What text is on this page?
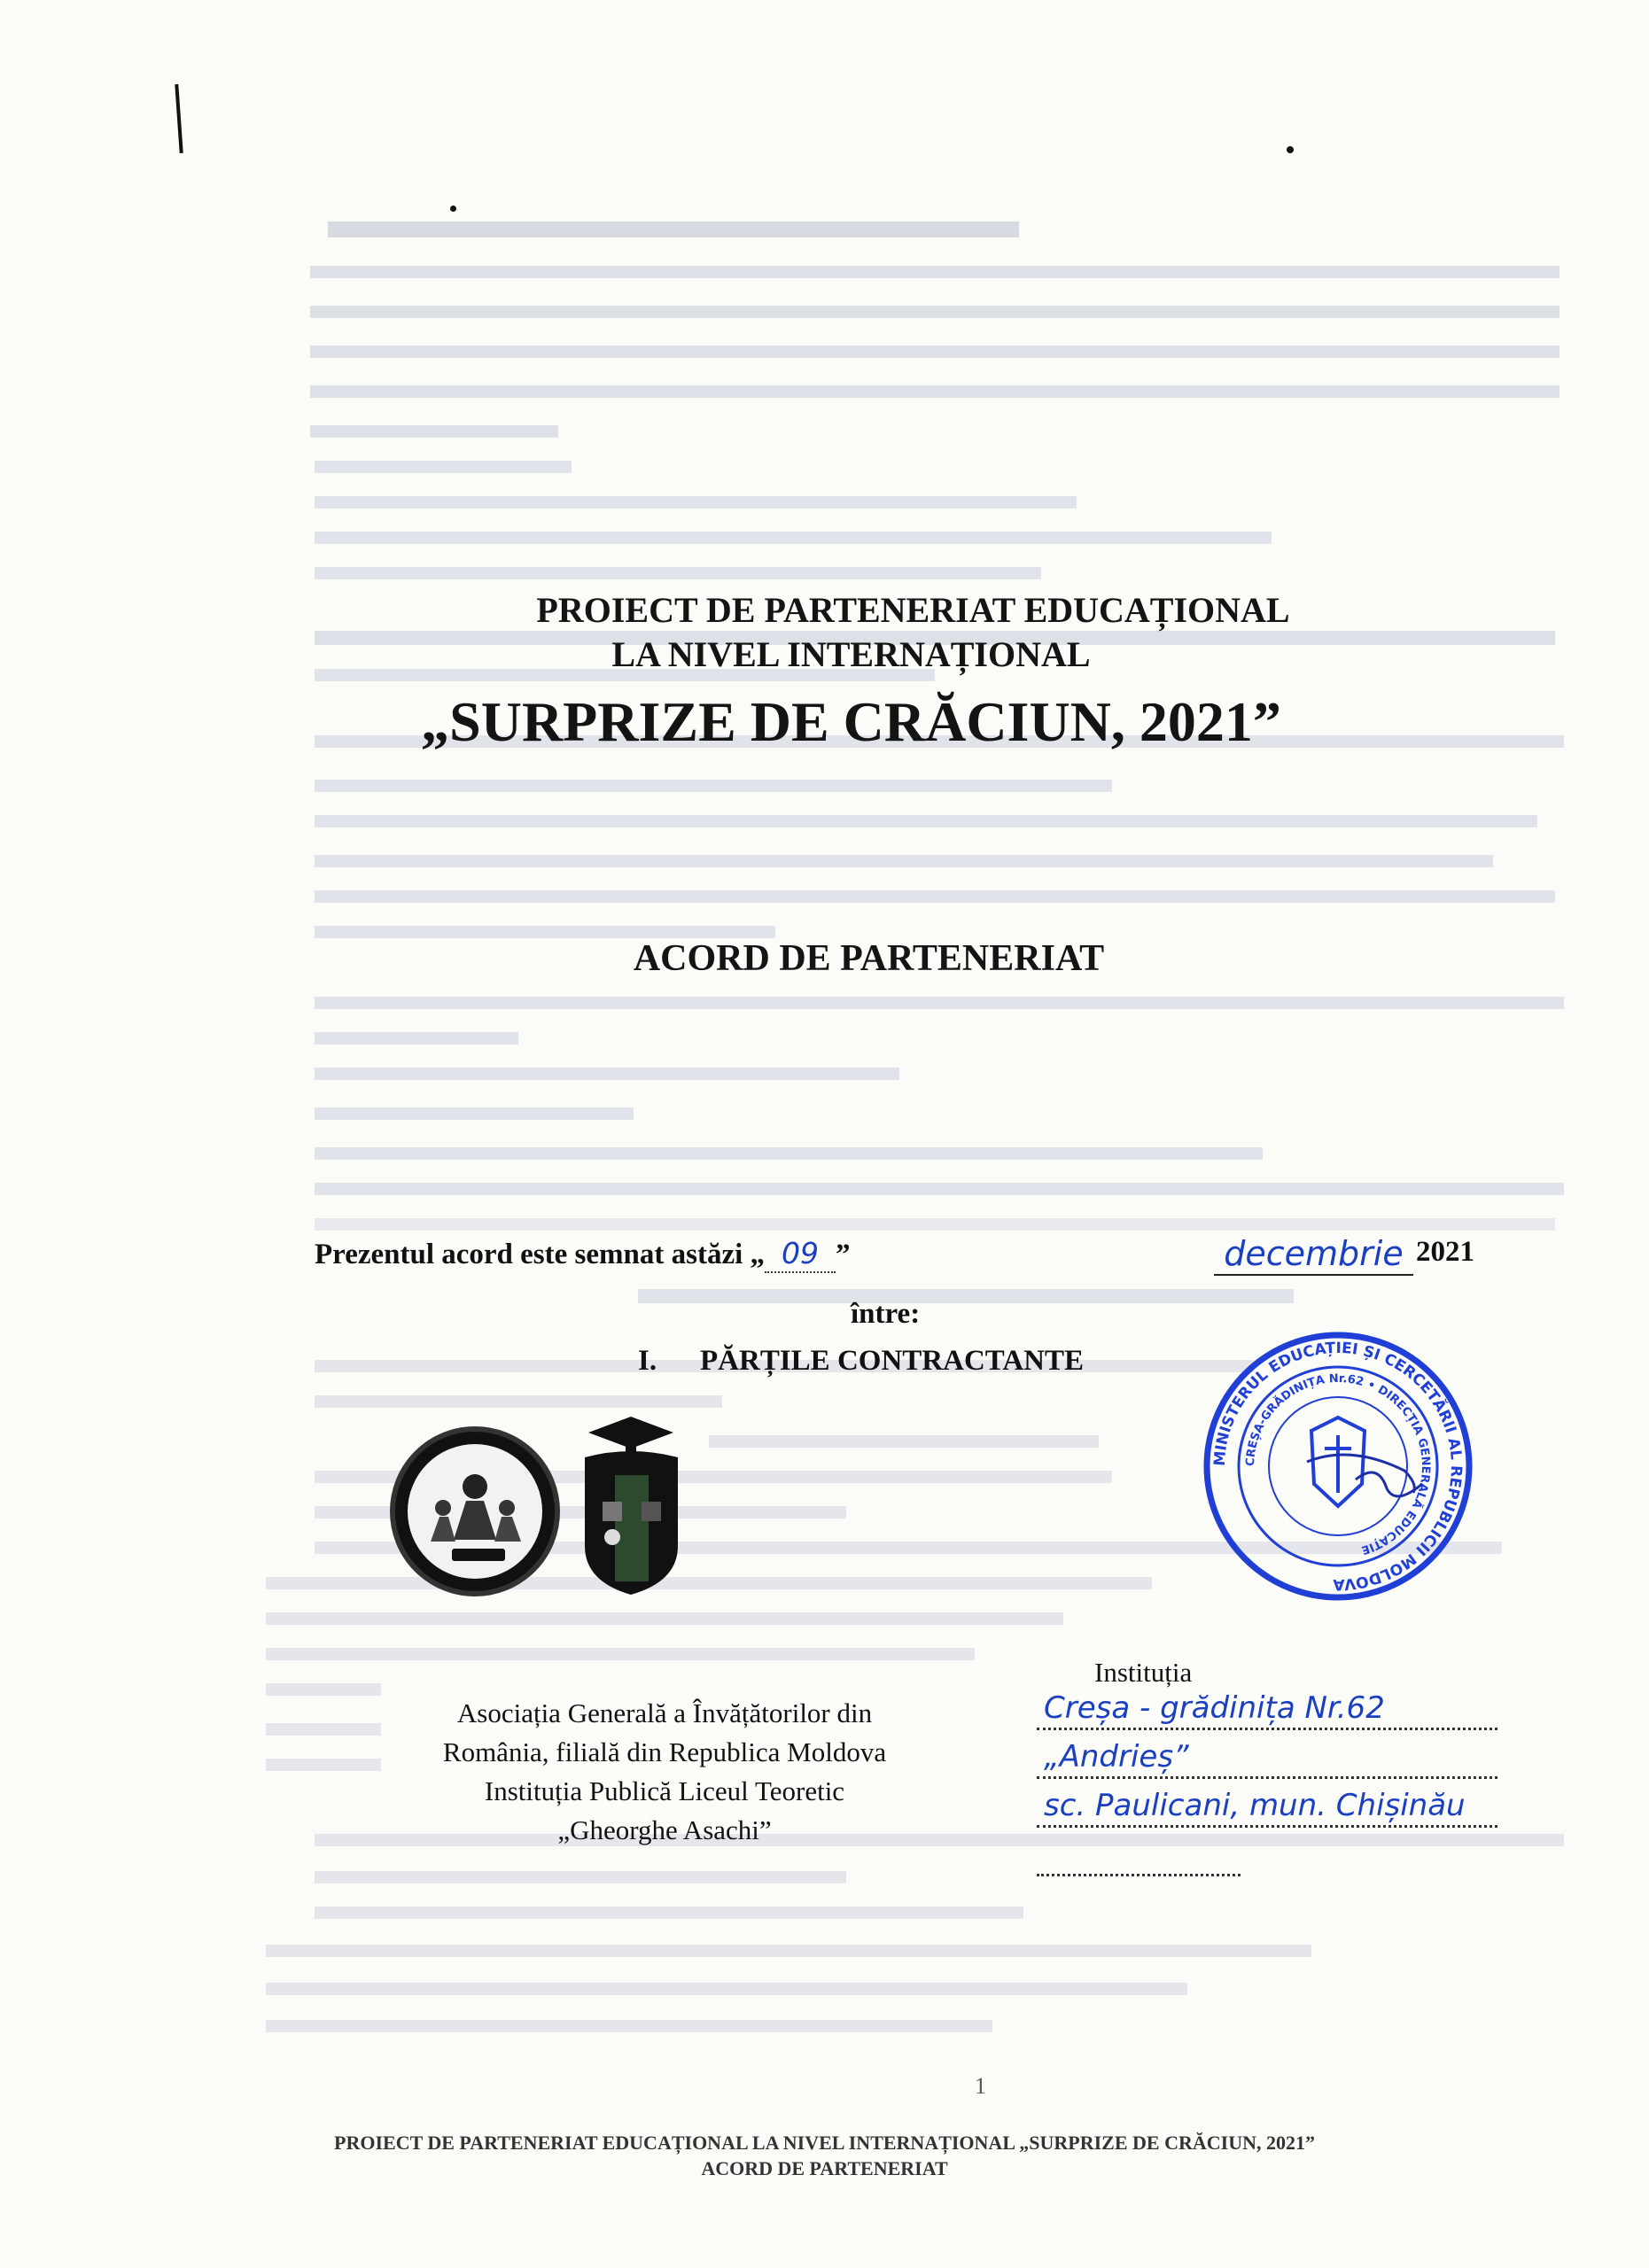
PROIECT DE PARTENERIAT EDUCAȚIONAL
LA NIVEL INTERNAȚIONAL
„SURPRIZE DE CRĂCIUN, 2021”
ACORD DE PARTENERIAT
Prezentul acord este semnat astăzi „ 09 ”	decembrie 2021
între:
I. PĂRȚILE CONTRACTANTE
Asociația Generală a Învățătorilor din
România, filială din Republica Moldova
Instituția Publică Liceul Teoretic
„Gheorghe Asachi”
Instituția
Creșa - grădinița Nr.62
„Andrieș”
sc. Paulicani, mun. Chișinău
MINISTERUL EDUCAȚIEI ȘI CERCETĂRII AL REPUBLICII MOLDOVA
CREȘA-GRĂDINIȚA Nr.62 • DIRECȚIA GENERALĂ EDUCAȚIE
1
PROIECT DE PARTENERIAT EDUCAȚIONAL LA NIVEL INTERNAȚIONAL „SURPRIZE DE CRĂCIUN, 2021”
ACORD DE PARTENERIAT
